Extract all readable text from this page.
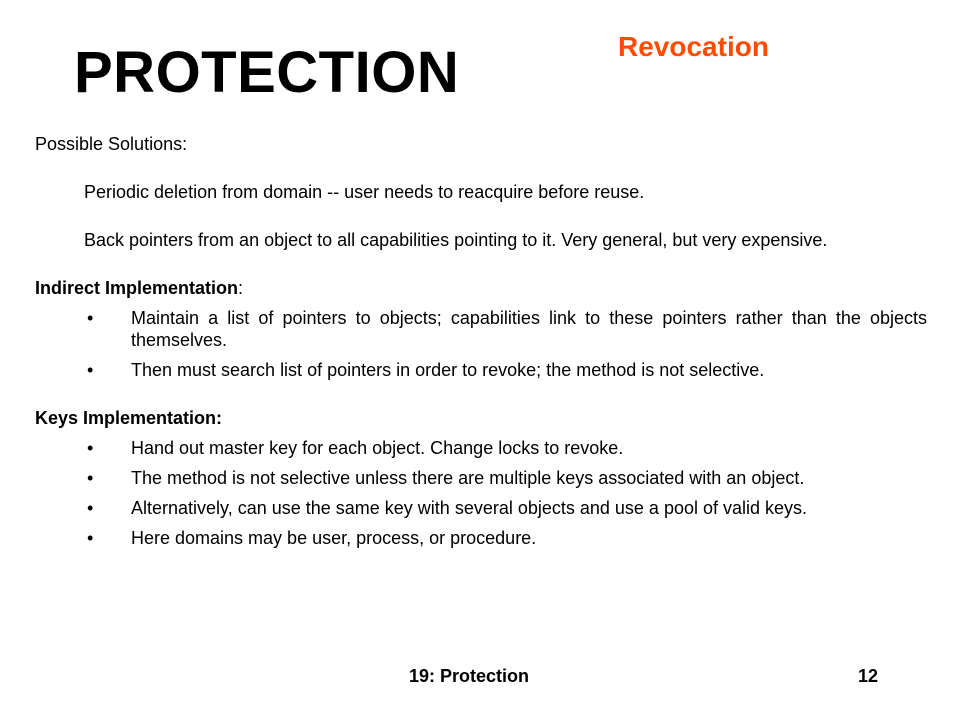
PROTECTION	Revocation

Possible Solutions:

Periodic deletion from domain -- user needs to reacquire before reuse.

Back pointers from an object to all capabilities pointing to it. Very general, but very expensive.

Indirect Implementation:

• Maintain a list of pointers to objects; capabilities link to these pointers rather than the objects themselves.
• Then must search list of pointers in order to revoke; the method is not selective.

Keys Implementation:

• Hand out master key for each object. Change locks to revoke.
• The method is not selective unless there are multiple keys associated with an object.
• Alternatively, can use the same key with several objects and use a pool of valid keys.
• Here domains may be user, process, or procedure.
19: Protection	12
